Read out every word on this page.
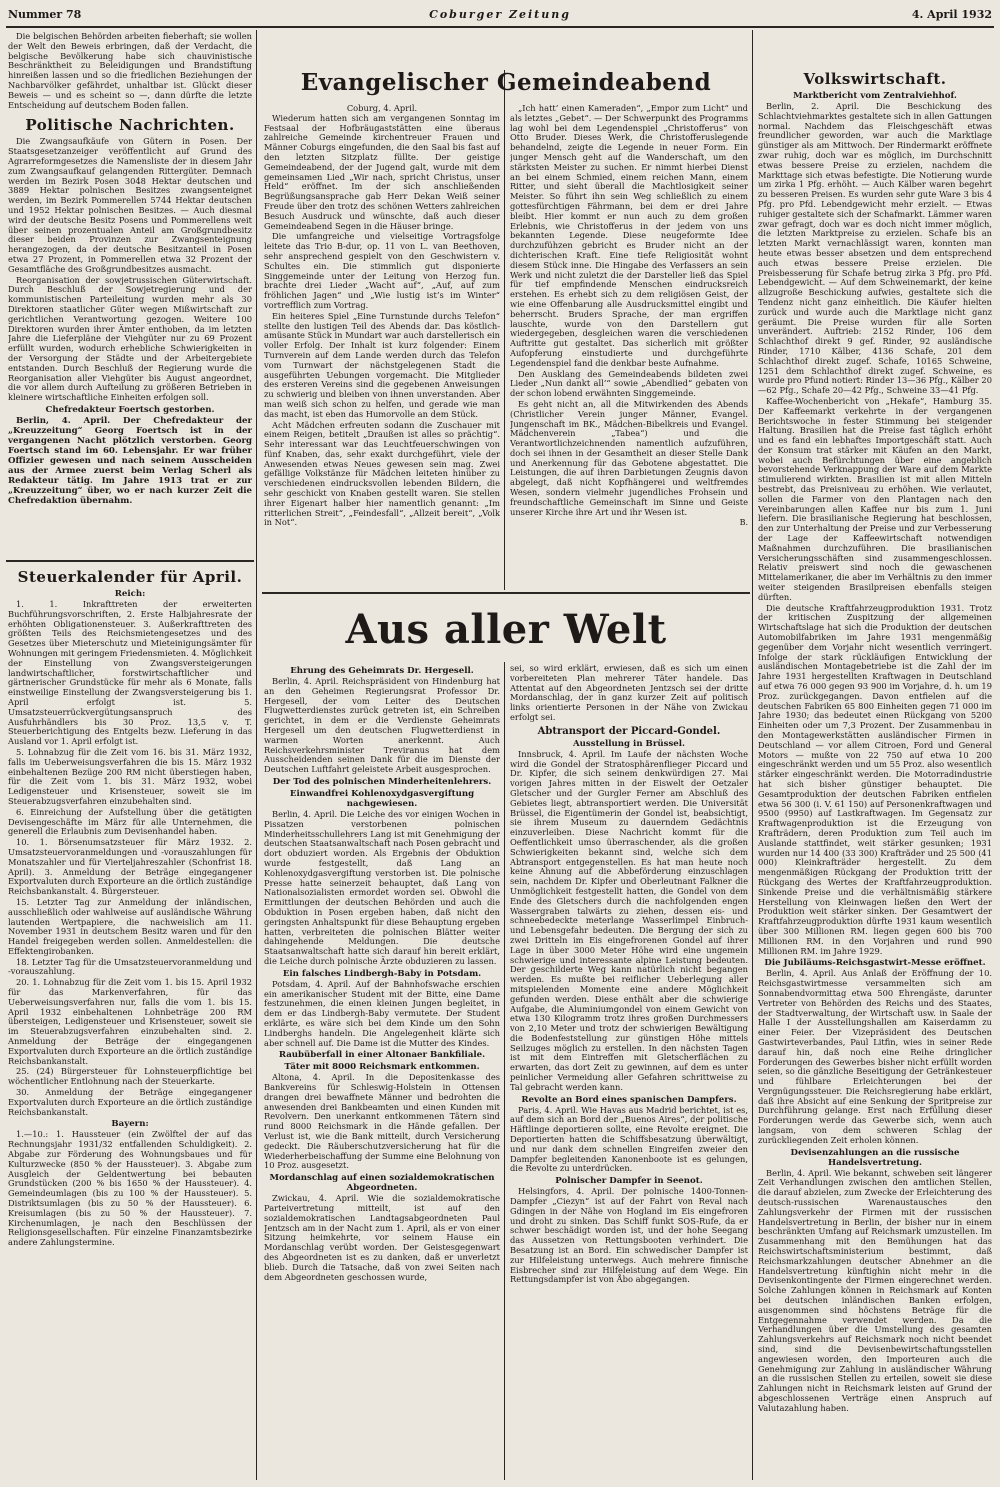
Nummer 78	Coburger Zeitung	4. April 1932

Die belgischen Behörden arbeiten fieberhaft; sie wollen der Welt den Beweis erbringen, daß der Verdacht, die belgische Bevölkerung habe sich chauvinistische Beschränktheit zu Beleidigungen und Brandstiftung hinreißen lassen und so die friedlichen Beziehungen der Nachbarvölker gefährdet, unhaltbar ist. Glückt dieser Beweis — und es scheint so —, dann dürfte die letzte Entscheidung auf deutschem Boden fallen.

Politische Nachrichten.

Die Zwangsaufkäufe von Gütern in Posen. Der Staatsgesetzanzeiger veröffentlicht auf Grund des Agrarreformgesetzes die Namensliste der in diesem Jahr zum Zwangsaufkauf gelangenden Rittergüter. Demnach werden im Bezirk Posen 3048 Hektar deutschen und 3889 Hektar polnischen Besitzes zwangsenteignet werden, im Bezirk Pommerellen 5744 Hektar deutschen und 1952 Hektar polnischen Besitzes. — Auch diesmal wird der deutsche Besitz Posens und Pommerellens weit über seinen prozentualen Anteil am Großgrundbesitz dieser beiden Provinzen zur Zwangsenteignung herangezogen, da der deutsche Besitzanteil in Posen etwa 27 Prozent, in Pommerellen etwa 32 Prozent der Gesamtfläche des Großgrundbesitzes ausmacht.

Reorganisation der sowjetrussischen Güterwirtschaft. Durch Beschluß der Sowjetregierung und der kommunistischen Parteileitung wurden mehr als 30 Direktoren staatlicher Güter wegen Mißwirtschaft zur gerichtlichen Verantwortung gezogen. Weitere 100 Direktoren wurden ihrer Ämter enthoben, da im letzten Jahre die Lieferpläne der Viehgüter nur zu 69 Prozent erfüllt wurden, wodurch erhebliche Schwierigkeiten in der Versorgung der Städte und der Arbeitergebiete entstanden. Durch Beschluß der Regierung wurde die Reorganisation aller Viehgüter bis August angeordnet, die vor allem durch Aufteilung zu größeren Betrieben in kleinere wirtschaftliche Einheiten erfolgen soll.

Chefredakteur Foertsch gestorben.

Berlin, 4. April. Der Chefredakteur der „Kreuzzeitung“ Georg Foertsch ist in der vergangenen Nacht plötzlich verstorben. Georg Foertsch stand im 60. Lebensjahr. Er war früher Offizier gewesen und nach seinem Ausscheiden aus der Armee zuerst beim Verlag Scherl als Redakteur tätig. Im Jahre 1913 trat er zur „Kreuzzeitung“ über, wo er nach kurzer Zeit die Chefredaktion übernahm.

Steuerkalender für April.
Reich:

1. 1. Inkrafttreten der erweiterten Buchführungsvorschriften, 2. Erste Halbjahresrate der erhöhten Obligationensteuer. 3. Außerkrafttreten des größten Teils des Reichsmietengesetzes und des Gesetzes über Mieterschutz und Mieteinigungsämter für Wohnungen mit geringem Friedensmieten. 4. Möglichkeit der Einstellung von Zwangsversteigerungen landwirtschaftlicher, forstwirtschaftlicher und gärtnerischer Grundstücke für mehr als 6 Monate, falls einstweilige Einstellung der Zwangsversteigerung bis 1. April erfolgt ist. 5. Umsatzsteuerrückvergütungsanspruch des Ausfuhrhändlers bis 30 Proz. 13,5 v. T. Steuerberichtigung des Entgelts bezw. Lieferung in das Ausland vor 1. April erfolgt ist.

5. Lohnabzug für die Zeit vom 16. bis 31. März 1932, falls im Ueberweisungsverfahren die bis 15. März 1932 einbehaltenen Bezüge 200 RM nicht überstiegen haben, für die Zeit vom 1. bis 31. März 1932, wobei Ledigensteuer und Krisensteuer, soweit sie im Steuerabzugsverfahren einzubehalten sind.

6. Einreichung der Aufstellung über die getätigten Devisengeschäfte im März für alle Unternehmen, die generell die Erlaubnis zum Devisenhandel haben.

10. 1. Börsenumsatzsteuer für März 1932. 2. Umsatzsteuervoranmeldungen und -vorauszahlungen für Monatszahler und für Vierteljahreszahler (Schonfrist 18. April). 3. Anmeldung der Beträge eingegangener Exportvaluten durch Exporteure an die örtlich zuständige Reichsbankanstalt. 4. Bürgersteuer.

15. Letzter Tag zur Anmeldung der inländischen, ausschließlich oder wahlweise auf ausländische Währung lautenden Wertpapiere, die nachweislich am 11. November 1931 in deutschem Besitz waren und für den Handel freigegeben werden sollen. Anmeldestellen: die Effektengirobanken.

18. Letzter Tag für die Umsatzsteuervoranmeldung und -vorauszahlung.

20. 1. Lohnabzug für die Zeit vom 1. bis 15. April 1932 für das Markenverfahren, für das Ueberweisungsverfahren nur, falls die vom 1. bis 15. April 1932 einbehaltenen Lohnbeträge 200 RM übersteigen, Ledigensteuer und Krisensteuer, soweit sie im Steuerabzugsverfahren einzubehalten sind. 2. Anmeldung der Beträge der eingegangenen Exportvaluten durch Exporteure an die örtlich zuständige Reichsbankanstalt.

25. (24) Bürgersteuer für Lohnsteuerpflichtige bei wöchentlicher Entlohnung nach der Steuerkarte.

30. Anmeldung der Beträge eingegangener Exportvaluten durch Exporteure an die örtlich zuständige Reichsbankanstalt.

Bayern:

1.—10.: 1. Haussteuer (ein Zwölftel der auf das Rechnungsjahr 1931/32 entfallenden Schuldigkeit). 2. Abgabe zur Förderung des Wohnungsbaues und für Kulturzwecke (850 % der Haussteuer). 3. Abgabe zum Ausgleich der Geldentwertung bei bebauten Grundstücken (200 % bis 1650 % der Haussteuer). 4. Gemeindeumlagen (bis zu 100 % der Haussteuer). 5. Distriktsumlagen (bis zu 50 % der Haussteuer). 6. Kreisumlagen (bis zu 50 % der Haussteuer). 7. Kirchenumlagen, je nach den Beschlüssen der Religionsgesellschaften. Für einzelne Finanzamtsbezirke andere Zahlungstermine.

Evangelischer Gemeindeabend
Coburg, 4. April.

Wiederum hatten sich am vergangenen Sonntag im Festsaal der Hofbräugaststätten eine überaus zahlreiche Gemeinde kirchentreuer Frauen und Männer Coburgs eingefunden, die den Saal bis fast auf den letzten Sitzplatz füllte. Der geistige Gemeindeabend, der der Jugend galt, wurde mit dem gemeinsamen Lied „Wir nach, spricht Christus, unser Held“ eröffnet. Im der sich anschließenden Begrüßungsansprache gab Herr Dekan Weiß seiner Freude über den trotz des schönen Wetters zahlreichen Besuch Ausdruck und wünschte, daß auch dieser Gemeindeabend Segen in die Häuser bringe.

Die umfangreiche und vielseitige Vortragsfolge leitete das Trio B-dur, op. 11 von L. van Beethoven, sehr ansprechend gespielt von den Geschwistern v. Schultes ein. Die stimmlich gut disponierte Singgemeinde unter der Leitung von Herzog fun. brachte drei Lieder „Wacht auf“, „Auf, auf zum fröhlichen Jagen“ und „Wie lustig ist’s im Winter“ vortrefflich zum Vortrag.

Ein heiteres Spiel „Eine Turnstunde durchs Telefon“ stellte den lustigen Teil des Abends dar. Das köstlich-amüsante Stück in Mundart war auch darstellerisch ein voller Erfolg. Der Inhalt ist kurz folgender: Einem Turnverein auf dem Lande werden durch das Telefon vom Turnwart der nächstgelegenen Stadt die ausgeführten Uebungen vorgemacht. Die Mitglieder des ersteren Vereins sind die gegebenen Anweisungen zu schwierig und bleiben von ihnen unverstanden. Aber man weiß sich schon zu helfen, und gerade wie man das macht, ist eben das Humorvolle an dem Stück.

Acht Mädchen erfreuten sodann die Zuschauer mit einem Reigen, betitelt „Draußen ist alles so prächtig“. Sehr interessant war das Leuchtfeuerschwingen von fünf Knaben, das, sehr exakt durchgeführt, viele der Anwesenden etwas Neues gewesen sein mag. Zwei gefällige Volkstänze für Mädchen leiteten hinüber zu verschiedenen eindrucksvollen lebenden Bildern, die sehr geschickt von Knaben gestellt waren. Sie stellen ihrer Eigenart halber hier namentlich genannt: „Im ritterlichen Streit“, „Feindesfall“, „Allzeit bereit“, „Volk in Not“.

„Ich hatt’ einen Kameraden“, „Empor zum Licht“ und als letztes „Gebet“. — Der Schwerpunkt des Programms lag wohl bei dem Legendenspiel „Christofferus“ von Otto Bruder. Dieses Werk, die Christofferuslegende behandelnd, zeigte die Legende in neuer Form. Ein junger Mensch geht auf die Wanderschaft, um den stärksten Meister zu suchen. Er nimmt hierbei Dienst an bei einem Schmied, einem reichen Mann, einem Ritter, und sieht überall die Machtlosigkeit seiner Meister. So führt ihn sein Weg schließlich zu einem gottesfürchtigen Fährmann, bei dem er drei Jahre bleibt. Hier kommt er nun auch zu dem großen Erlebnis, wie Christofferus in der jedem von uns bekannten Legende. Diese neugeformte Idee durchzufühzen gebricht es Bruder nicht an der dichterischen Kraft. Eine tiefe Religiosität wohnt diesem Stück inne. Die Hingabe des Verfassers an sein Werk und nicht zuletzt die der Darsteller ließ das Spiel für tief empfindende Menschen eindrucksreich erstehen. Es erhebt sich zu dem religiösen Geist, der wie eine Offenbarung alle Ausdrucksmittel eingibt und beherrscht. Bruders Sprache, der man ergriffen lauschte, wurde von den Darstellern gut wiedergegeben, desgleichen waren die verschiedenen Auftritte gut gestaltet. Das sicherlich mit größter Aufopferung einstudierte und durchgeführte Legendenspiel fand die denkbar beste Aufnahme.

Den Ausklang des Gemeindeabends bildeten zwei Lieder „Nun dankt all’“ sowie „Abendlied“ gebaten von der schon lobend erwähnten Singgemeinde.

Es geht nicht an, all die Mitwirkenden des Abends (Christlicher Verein junger Männer, Evangel. Jungenschaft im BK., Mädchen-Bibelkreis und Evangel. Mädchenverein „Tabea“) und die Verantwortlichzeichnenden namentlich aufzuführen, doch sei ihnen in der Gesamtheit an dieser Stelle Dank und Anerkennung für das Gebotene abgestattet. Die Leistungen, die auf ihren Darbietungen Zeugnis davon abgelegt, daß nicht Kopfhängerei und weltfremdes Wesen, sondern vielmehr jugendliches Frohsein und freundschaftliche Gemeinschaft im Sinne und Geiste unserer Kirche ihre Art und ihr Wesen ist.

B.
Volkswirtschaft.
Marktbericht vom Zentralviehhof.

Berlin, 2. April. Die Beschickung des Schlachtviehmarktes gestaltete sich in allen Gattungen normal. Nachdem das Fleischgeschäft etwas freundlicher geworden, war auch die Marktlage günstiger als am Mittwoch. Der Rindermarkt eröffnete zwar ruhig, doch war es möglich, im Durchschnitt etwas bessere Preise zu erzielen, nachdem die Markttage sich etwas befestigte. Die Notierung wurde um zirka 1 Pfg. erhöht. — Auch Kälber waren begehrt zu besseren Preisen. Es wurden sehr gute Ware 3 bis 4 Pfg. pro Pfd. Lebendgewicht mehr erzielt. — Etwas ruhiger gestaltete sich der Schafmarkt. Lämmer waren zwar gefragt, doch war es doch nicht immer möglich, die letzten Marktpreise zu erzielen. Schafe bis an letzten Markt vernachlässigt waren, konnten man heute etwas besser absetzen und dem entsprechend auch etwas bessere Preise erzielen. Die Preisbesserung für Schafe betrug zirka 3 Pfg. pro Pfd. Lebendgewicht. — Auf dem Schweinemarkt, der keine allzugroße Beschickung aufwies, gestaltete sich die Tendenz nicht ganz einheitlich. Die Käufer hielten zurück und wurde auch die Marktlage nicht ganz geräumt. Die Preise wurden für alle Sorten unverändert. Auftrieb: 2152 Rinder, 106 dem Schlachthof direkt 9 gef. Rinder, 92 ausländische Rinder, 1710 Kälber, 4136 Schafe, 201 dem Schlachthof direkt zugef. Schafe, 10165 Schweine, 1251 dem Schlachthof direkt zugef. Schweine, es wurde pro Pfund notiert: Rinder 13—36 Pfg., Kälber 20—62 Pfg., Schafe 20—42 Pfg., Schweine 33—41 Pfg.

Kaffee-Wochenbericht von „Hekafe“, Hamburg 35. Der Kaffeemarkt verkehrte in der vergangenen Berichtswoche in fester Stimmung bei steigender Haltung. Brasilien hat die Preise fast täglich erhöht und es fand ein lebhaftes Importgeschäft statt. Auch der Konsum trat stärker mit Käufen an den Markt, wobei auch Befürchtungen über eine angeblich bevorstehende Verknappung der Ware auf dem Markte stimulierend wirkten. Brasilien ist mit allen Mitteln bestrebt, das Preisniveau zu erhöhen. Wie verlautet, sollen die Farmer von den Plantagen nach den Vereinbarungen allen Kaffee nur bis zum 1. Juni liefern. Die brasilianische Regierung hat beschlossen, den zur Unterhaltung der Preise und zur Verbesserung der Lage der Kaffeewirtschaft notwendigen Maßnahmen durchzuführen. Die brasilianischen Versicherungsschäften sind zusammengeschlossen. Relativ preiswert sind noch die gewaschenen Mittelamerikaner, die aber im Verhältnis zu den immer weiter steigenden Brasilpreisen ebenfalls steigen dürften.

Die deutsche Kraftfahrzeugproduktion 1931. Trotz der kritischen Zuspitzung der allgemeinen Wirtschaftslage hat sich die Produktion der deutschen Automobilfabriken im Jahre 1931 mengenmäßig gegenüber dem Vorjahr nicht wesentlich verringert. Infolge der stark rückläufigen Entwicklung der ausländischen Montagebetriebe ist die Zahl der im Jahre 1931 hergestellten Kraftwagen in Deutschland auf etwa 76 000 gegen 93 900 im Vorjahre, d. h. um 19 Proz. zurückgegangen. Davon entfielen auf die deutschen Fabriken 65 800 Einheiten gegen 71 000 im Jahre 1930; das bedeutet einen Rückgang von 5200 Einheiten oder um 7,3 Prozent. Der Zusammenbau in den Montagewerkstätten ausländischer Firmen in Deutschland — vor allem Citroen, Ford und General Motors — mußte von 22 750 auf etwa 10 200 eingeschränkt werden und um 55 Proz. also wesentlich stärker eingeschränkt werden. Die Motorradindustrie hat sich bisher günstiger behauptet. Die Gesamtproduktion der deutschen Fabriken entfielen etwa 56 300 (i. V. 61 150) auf Personenkraftwagen und 9500 (9950) auf Lastkraftwagen. Im Gegensatz zur Kraftwagenproduktion ist die Erzeugung von Krafträdern, deren Produktion zum Teil auch im Auslande stattfindet, weit stärker gesunken; 1931 wurden nur 14 400 (33 300) Krafträder und 25 500 (41 000) Kleinkrafträder hergestellt. Zu dem mengenmäßigen Rückgang der Produktion tritt der Rückgang des Wertes der Kraftfahrzeugproduktion. Sinkende Preise und die verhältnismäßig stärkere Herstellung von Kleinwagen ließen den Wert der Produktion weit stärker sinken. Der Gesamtwert der Kraftfahrzeugproduktion dürfte 1931 kaum wesentlich über 300 Millionen RM. liegen gegen 600 bis 700 Millionen RM. in den Vorjahren und rund 990 Millionen RM. im Jahre 1929.

Die Jubiläums-Reichsgastwirt-Messe eröffnet.

Berlin, 4. April. Aus Anlaß der Eröffnung der 10. Reichsgastwirtmesse versammelten sich am Sonnabendvormittag etwa 500 Ehrengäste, darunter Vertreter von Behörden des Reichs und des Staates, der Stadtverwaltung, der Wirtschaft usw. in Saale der Halle I der Ausstellungshallen am Kaiserdamm zu einer Feier. Der Vizepräsident des Deutschen Gastwirteverbandes, Paul Litfin, wies in seiner Rede darauf hin, daß noch eine Reihe dringlicher Forderungen des Gewerbes bisher nicht erfüllt worden seien, so die gänzliche Beseitigung der Getränkesteuer und fühlbare Erleichterungen bei der Vergnügungssteuer. Die Reichsregierung habe erklärt, daß ihre Absicht auf eine Senkung der Spritpreise zur Durchführung gelange. Erst nach Erfüllung dieser Forderungen werde das Gewerbe sich, wenn auch langsam, von dem schweren Schlag der zurückliegenden Zeit erholen können.

Devisenzahlungen an die russische Handelsvertretung.

Berlin, 4. April. Wie bekannt, schweben seit längerer Zeit Verhandlungen zwischen den amtlichen Stellen, die darauf abzielen, zum Zwecke der Erleichterung des deutsch-russischen Warenaustausches den Zahlungsverkehr der Firmen mit der russischen Handelsvertretung in Berlin, der bisher nur in einem beschränkten Umfang auf Reichsmark umzustellen. Im Zusammenhang mit den Bemühungen hat das Reichswirtschaftsministerium bestimmt, daß Reichsmarkzahlungen deutscher Abnehmer an die Handelsvertretung künftighin nicht mehr in die Devisenkontingente der Firmen eingerechnet werden. Solche Zahlungen können in Reichsmark auf Konten bei deutschen inländischen Banken erfolgen, ausgenommen sind höchstens Beträge für die Entgegennahme verwendet werden. Da die Verhandlungen über die Umstellung des gesamten Zahlungsverkehrs auf Reichsmark noch nicht beendet sind, sind die Devisenbewirtschaftungsstellen angewiesen worden, den Importeuren auch die Genehmigung zur Zahlung in ausländischer Währung an die russischen Stellen zu erteilen, soweit sie diese Zahlungen nicht in Reichsmark leisten auf Grund der abgeschlossenen Verträge einen Anspruch auf Valutazahlung haben.

Aus aller Welt
Ehrung des Geheimrats Dr. Hergesell.

Berlin, 4. April. Reichspräsident von Hindenburg hat an den Geheimen Regierungsrat Professor Dr. Hergesell, der vom Leiter des Deutschen Flugwetterdienstes zurück getreten ist, ein Schreiben gerichtet, in dem er die Verdienste Geheimrats Hergesell um den deutschen Flugwetterdienst in warmen Worten anerkennt. Auch Reichsverkehrsminister Treviranus hat dem Ausscheidenden seinen Dank für die im Dienste der Deutschen Luftfahrt geleistete Arbeit ausgesprochen.

Der Tod des polnischen Minderheitenlehrers.
Einwandfrei Kohlenoxydgasvergiftung nachgewiesen.

Berlin, 4. April. Die Leiche des vor einigen Wochen in Pissatzen verstorbenen polnischen Minderheitsschullehrers Lang ist mit Genehmigung der deutschen Staatsanwaltschaft nach Posen gebracht und dort obduziert worden. Als Ergebnis der Obduktion wurde festgestellt, daß Lang an Kohlenoxydgasvergiftung verstorben ist. Die polnische Presse hatte seinerzeit behauptet, daß Lang von Nationalsozialisten ermordet worden sei. Obwohl die Ermittlungen der deutschen Behörden und auch die Obduktion in Posen ergeben haben, daß nicht den geringsten Anhaltspunkt für diese Behauptung ergeben hatten, verbreiteten die polnischen Blätter weiter dahingehende Meldungen. Die deutsche Staatsanwaltschaft hatte sich darauf hin bereit erklärt, die Leiche durch polnische Ärzte obduzieren zu lassen.

Ein falsches Lindbergh-Baby in Potsdam.

Potsdam, 4. April. Auf der Bahnhofswache erschien ein amerikanischer Student mit der Bitte, eine Dame festzunehmen, die einen kleinen Jungen begleitet, in dem er das Lindbergh-Baby vermutete. Der Student erklärte, es wäre sich bei dem Kinde um den Sohn Lindberghs handeln. Die Angelegenheit klärte sich aber schnell auf. Die Dame ist die Mutter des Kindes.

Raubüberfall in einer Altonaer Bankfiliale.
Täter mit 8000 Reichsmark entkommen.

Altona, 4. April. In die Depositenkasse des Bankvereins für Schleswig-Holstein in Ottensen drangen drei bewaffnete Männer und bedrohten die anwesenden drei Bankbeamten und einen Kunden mit Revolvern. Den unerkannt entkommenen Tätern sind rund 8000 Reichsmark in die Hände gefallen. Der Verlust ist, wie die Bank mitteilt, durch Versicherung gedeckt. Die Räuberschutzversicherung hat für die Wiederherbeischaffung der Summe eine Belohnung von 10 Proz. ausgesetzt.

Mordanschlag auf einen sozialdemokratischen Abgeordneten.

Zwickau, 4. April. Wie die sozialdemokratische Parteivertretung mitteilt, ist auf den sozialdemokratischen Landtagsabgeordneten Paul Jentzsch am in der Nacht zum 1. April, als er von einer Sitzung heimkehrte, vor seinem Hause ein Mordanschlag verübt worden. Der Geistesgegenwart des Abgeordneten ist es zu danken, daß er unverletzt blieb. Durch die Tatsache, daß von zwei Seiten nach dem Abgeordneten geschossen wurde,

sei, so wird erklärt, erwiesen, daß es sich um einen vorbereiteten Plan mehrerer Täter handele. Das Attentat auf den Abgeordneten Jentzsch sei der dritte Mordanschlag, der in ganz kurzer Zeit auf politisch links orientierte Personen in der Nähe von Zwickau erfolgt sei.

Abtransport der Piccard-Gondel.
Ausstellung in Brüssel.

Innsbruck, 4. April. Im Laufe der nächsten Woche wird die Gondel der Stratosphärenflieger Piccard und Dr. Kipfer, die sich seinem denkwürdigen 27. Mai vorigen Jahres mitten in der Eiswelt der Oetzaler Gletscher und der Gurgler Ferner am Abschluß des Gebietes liegt, abtransportiert werden. Die Universität Brüssel, die Eigentümerin der Gondel ist, beabsichtigt, sie ihrem Museum zu dauerndem Gedächtnis einzuverleiben. Diese Nachricht kommt für die Oeffentlichkeit umso überraschender, als die großen Schwierigkeiten bekannt sind, welche sich dem Abtransport entgegenstellen. Es hat man heute noch keine Ahnung auf die Abbeförderung einzuschlagen sein, nachdem Dr. Kipfer und Oberleutnant Falkner die Unmöglichkeit festgestellt hatten, die Gondel von dem Ende des Gletschers durch die nachfolgenden engen Wassergraben talwärts zu ziehen, dessen eis- und schneebedeckte meterlange Wasserlimpel Einbruch- und Lebensgefahr bedeuten. Die Bergung der sich zu zwei Dritteln im Eis eingefrorenen Gondel auf ihrer Lage in über 3000 Meter Höhe wird eine ungemein schwierige und interessante alpine Leistung bedeuten. Der geschilderte Weg kann natürlich nicht begangen werden. Es mußte bei reiflicher Ueberlegung aller mitspielenden Momente eine andere Möglichkeit gefunden werden. Diese enthält aber die schwierige Aufgabe, die Aluminiumgondel von einem Gewicht von etwa 130 Kilogramm trotz ihres großen Durchmessers von 2,10 Meter und trotz der schwierigen Bewältigung die Bodenfeststellung zur günstigen Höhe mittels Seilzuges möglich zu erstellen. In den nächsten Tagen ist mit dem Eintreffen mit Gletscherflächen zu erwarten, das dort Zeit zu gewinnen, auf dem es unter peinlicher Vermeidung aller Gefahren schrittweise zu Tal gebracht werden kann.

Revolte an Bord eines spanischen Dampfers.

Paris, 4. April. Wie Havas aus Madrid berichtet, ist es, auf dem sich an Bord der „Buenos Aires“, der politische Häftlinge deportieren sollte, eine Revolte ereignet. Die Deportierten hatten die Schiffsbesatzung überwältigt, und nur dank dem schnellen Eingreifen zweier den Dampfer begleitenden Kanonenboote ist es gelungen, die Revolte zu unterdrücken.

Polnischer Dampfer in Seenot.

Helsingfors, 4. April. Der polnische 1400-Tonnen-Dampfer „Ciezyn“ ist auf der Fahrt von Reval nach Gdingen in der Nähe von Hogland im Eis eingefroren und droht zu sinken. Das Schiff funkt SOS-Rufe, da er schwer beschädigt worden ist, und der hohe Seegang das Aussetzen von Rettungsbooten verhindert. Die Besatzung ist an Bord. Ein schwedischer Dampfer ist zur Hilfeleistung unterwegs. Auch mehrere finnische Eisbrecher sind zur Hilfeleistung auf dem Wege. Ein Rettungsdampfer ist von Åbo abgegangen.
